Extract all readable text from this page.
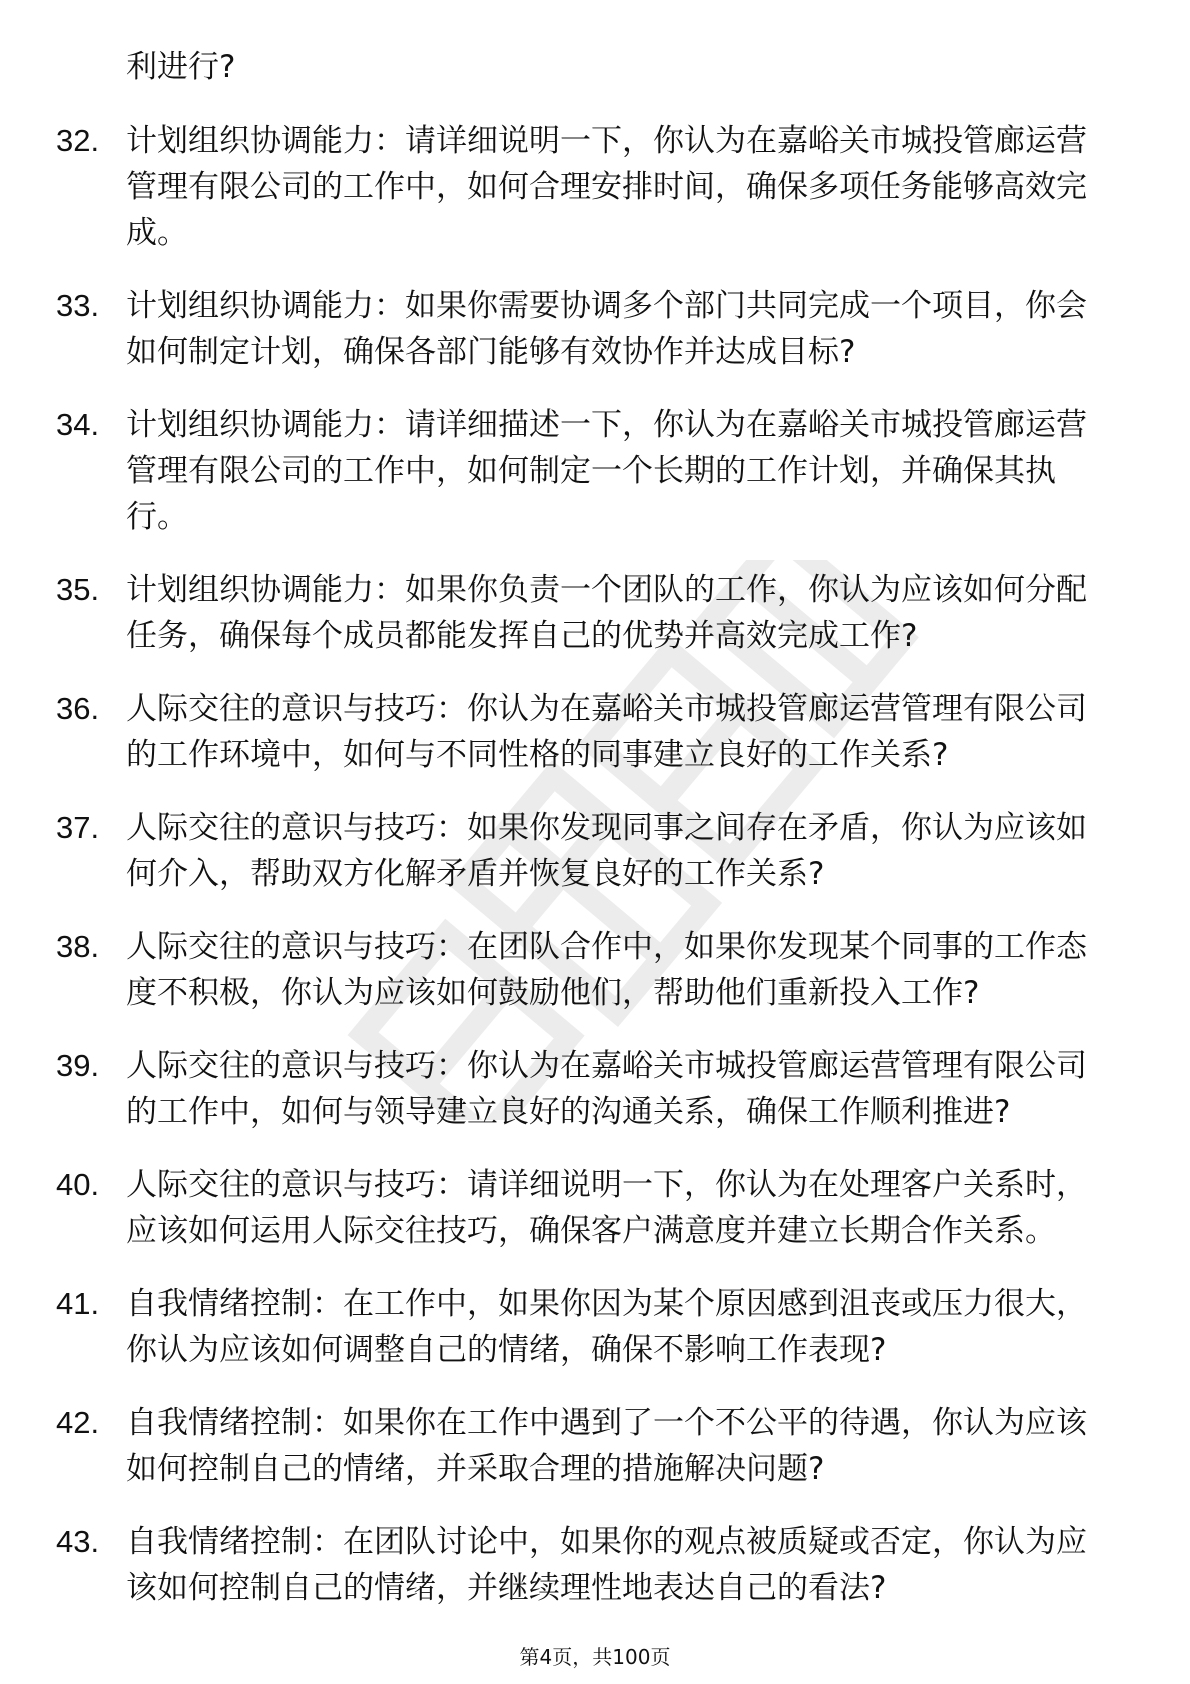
利进行?
32. 计划组织协调能力：请详细说明一下，你认为在嘉峪关市城投管廊运营管理有限公司的工作中，如何合理安排时间，确保多项任务能够高效完成。
33. 计划组织协调能力：如果你需要协调多个部门共同完成一个项目，你会如何制定计划，确保各部门能够有效协作并达成目标?
34. 计划组织协调能力：请详细描述一下，你认为在嘉峪关市城投管廊运营管理有限公司的工作中，如何制定一个长期的工作计划，并确保其执行。
35. 计划组织协调能力：如果你负责一个团队的工作，你认为应该如何分配任务，确保每个成员都能发挥自己的优势并高效完成工作?
36. 人际交往的意识与技巧：你认为在嘉峪关市城投管廊运营管理有限公司的工作环境中，如何与不同性格的同事建立良好的工作关系?
37. 人际交往的意识与技巧：如果你发现同事之间存在矛盾，你认为应该如何介入，帮助双方化解矛盾并恢复良好的工作关系?
38. 人际交往的意识与技巧：在团队合作中，如果你发现某个同事的工作态度不积极，你认为应该如何鼓励他们，帮助他们重新投入工作?
39. 人际交往的意识与技巧：你认为在嘉峪关市城投管廊运营管理有限公司的工作中，如何与领导建立良好的沟通关系，确保工作顺利推进?
40. 人际交往的意识与技巧：请详细说明一下，你认为在处理客户关系时，应该如何运用人际交往技巧，确保客户满意度并建立长期合作关系。
41. 自我情绪控制：在工作中，如果你因为某个原因感到沮丧或压力很大，你认为应该如何调整自己的情绪，确保不影响工作表现?
42. 自我情绪控制：如果你在工作中遇到了一个不公平的待遇，你认为应该如何控制自己的情绪，并采取合理的措施解决问题?
43. 自我情绪控制：在团队讨论中，如果你的观点被质疑或否定，你认为应该如何控制自己的情绪，并继续理性地表达自己的看法?
第4页，共100页
